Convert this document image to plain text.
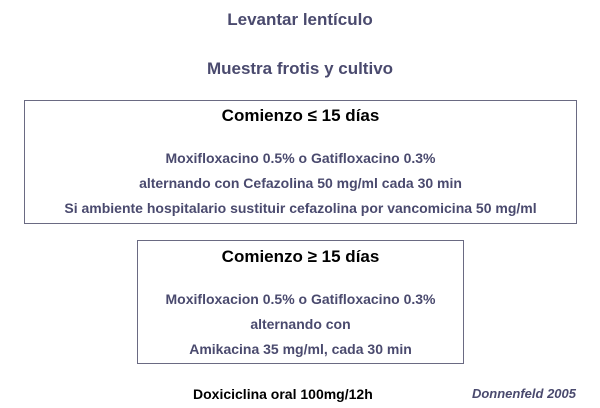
Levantar lentículo
Muestra frotis y cultivo
Comienzo ≤ 15 días
Moxifloxacino 0.5% o Gatifloxacino 0.3%
alternando con Cefazolina 50 mg/ml cada 30 min
Si ambiente hospitalario sustituir cefazolina por vancomicina 50 mg/ml
Comienzo ≥ 15 días
Moxifloxacion 0.5% o Gatifloxacino 0.3%
alternando con
Amikacina 35 mg/ml, cada 30 min
Doxiciclina oral 100mg/12h	Donnenfeld 2005
